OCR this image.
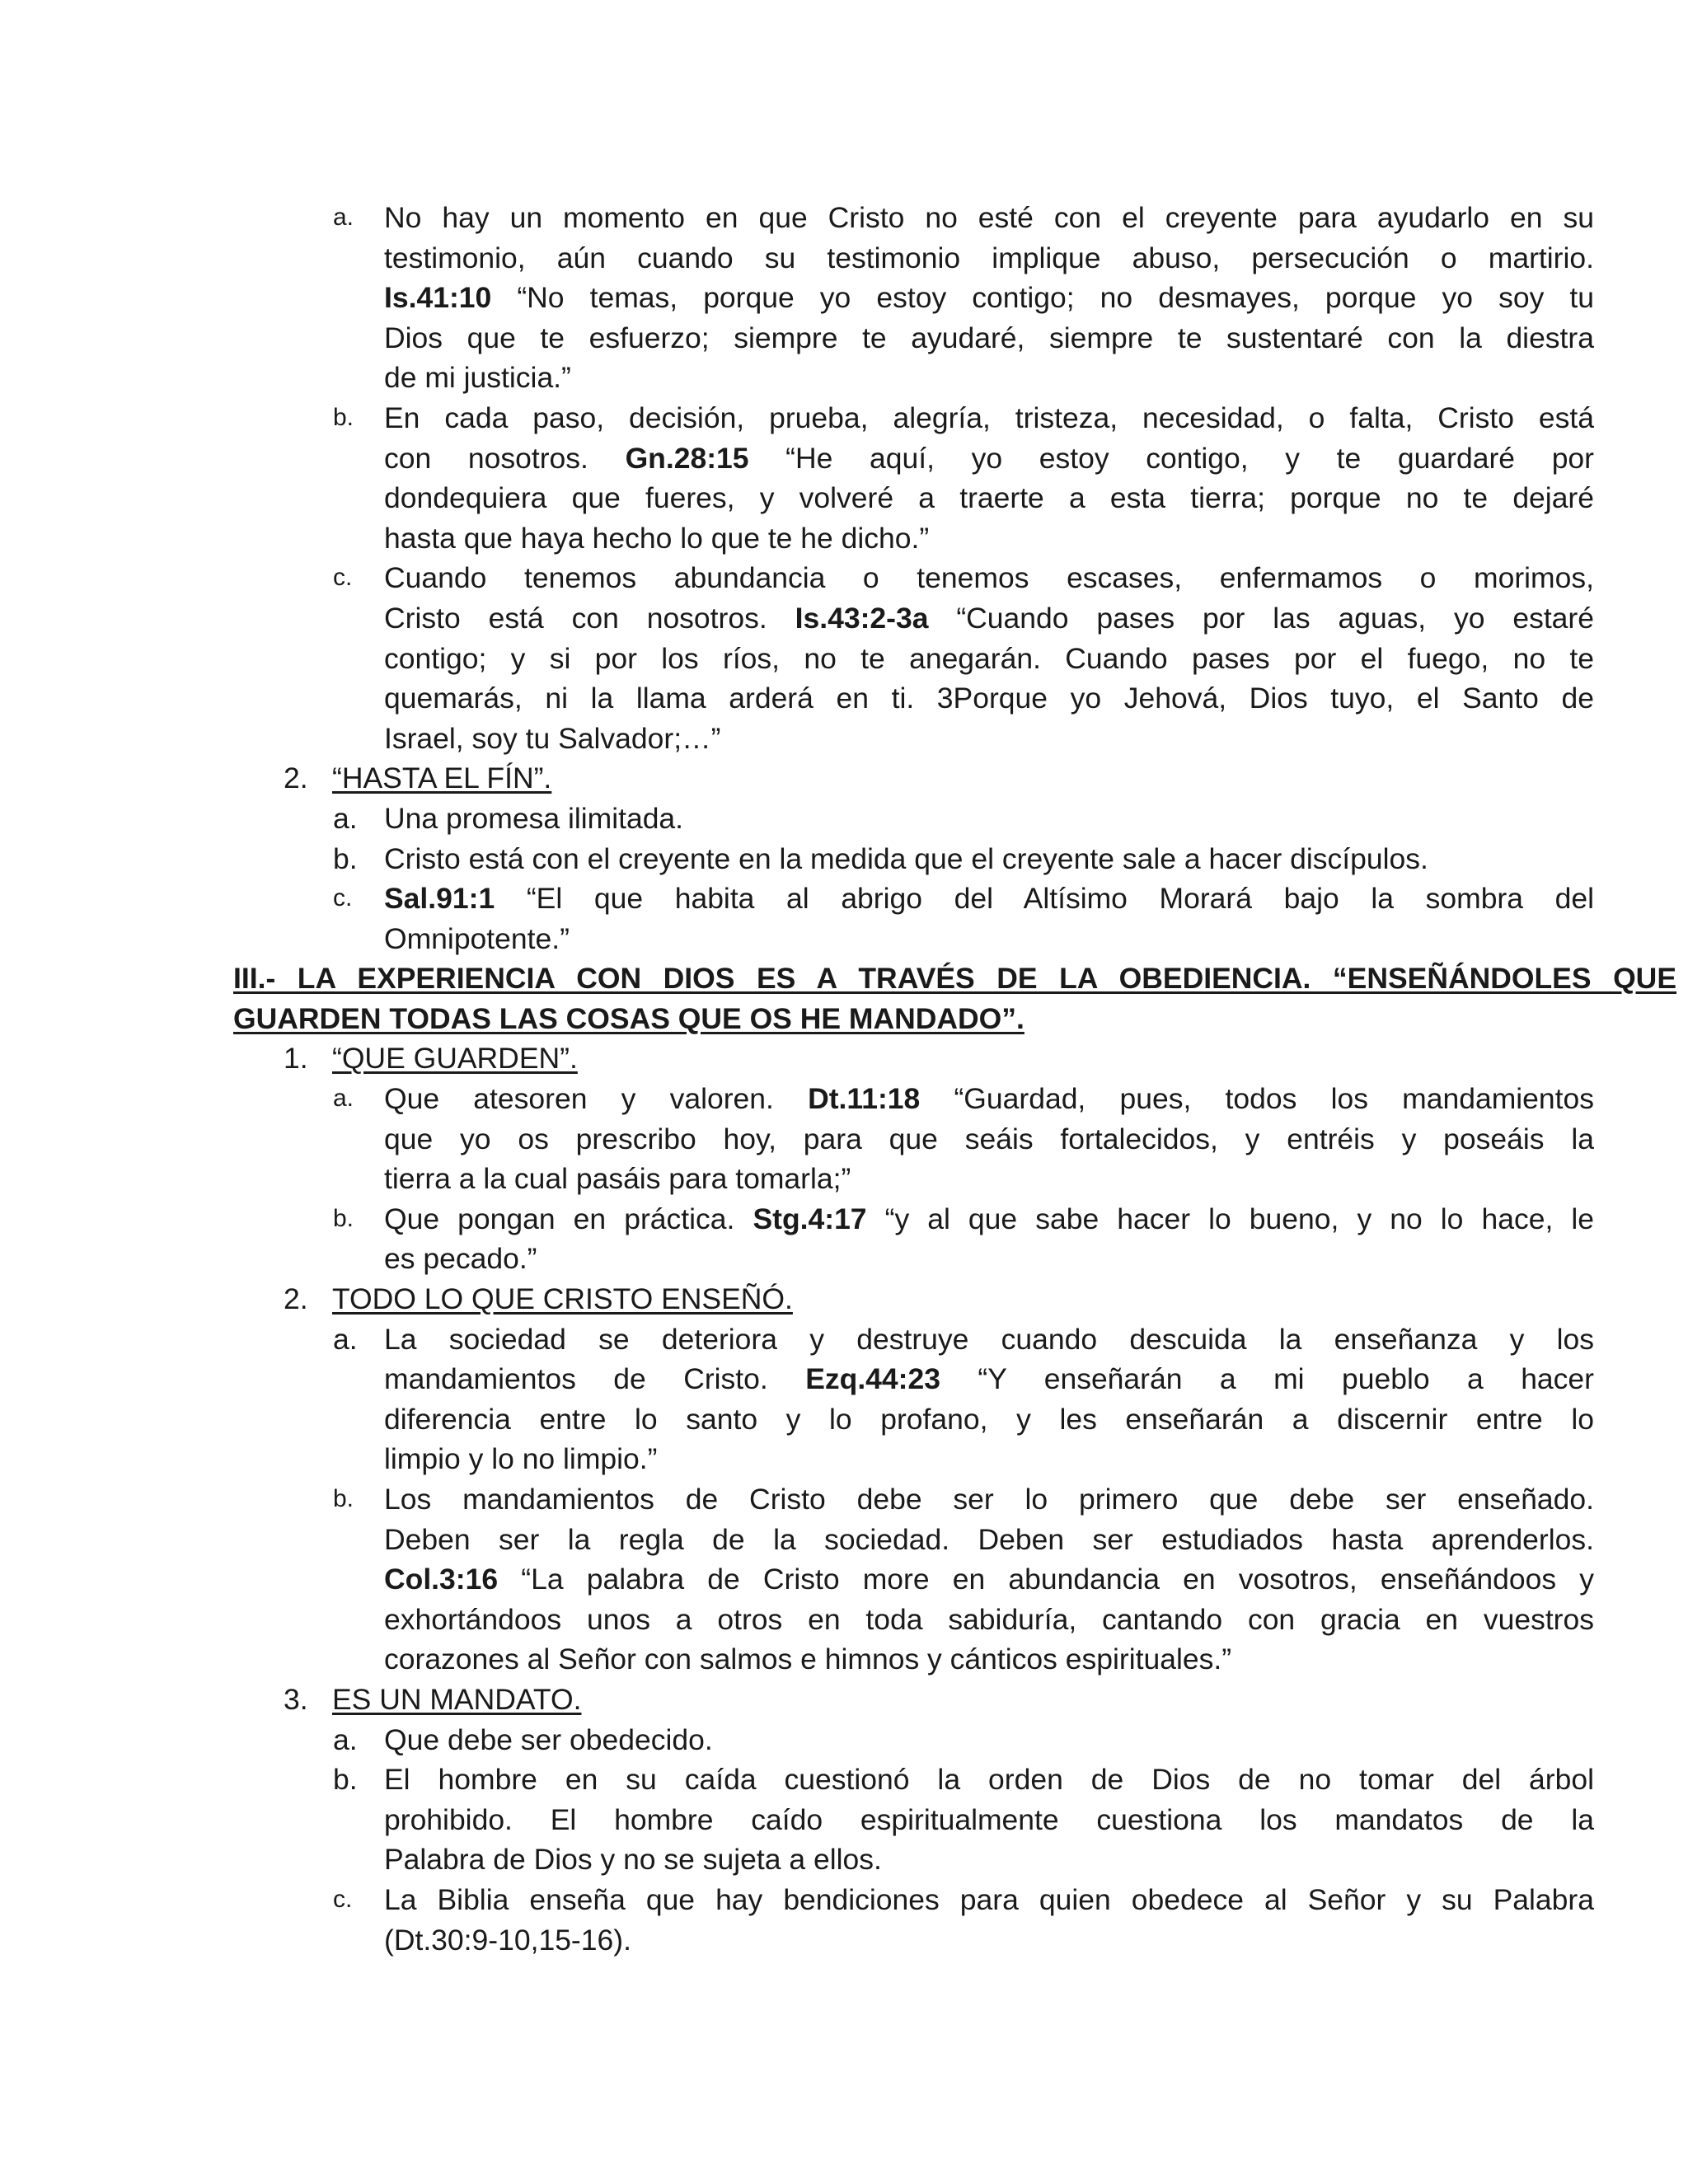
a. No hay un momento en que Cristo no esté con el creyente para ayudarlo en su
testimonio, aún cuando su testimonio implique abuso, persecución o martirio.
Is.41:10 “No temas, porque yo estoy contigo; no desmayes, porque yo soy tu
Dios que te esfuerzo; siempre te ayudaré, siempre te sustentaré con la diestra
de mi justicia.”
b. En cada paso, decisión, prueba, alegría, tristeza, necesidad, o falta, Cristo está
con nosotros. Gn.28:15 “He aquí, yo estoy contigo, y te guardaré por
dondequiera que fueres, y volveré a traerte a esta tierra; porque no te dejaré
hasta que haya hecho lo que te he dicho.”
c. Cuando tenemos abundancia o tenemos escases, enfermamos o morimos,
Cristo está con nosotros. Is.43:2-3a “Cuando pases por las aguas, yo estaré
contigo; y si por los ríos, no te anegarán. Cuando pases por el fuego, no te
quemarás, ni la llama arderá en ti. 3Porque yo Jehová, Dios tuyo, el Santo de
Israel, soy tu Salvador;…”
2. “HASTA EL FÍN”.
a. Una promesa ilimitada.
b. Cristo está con el creyente en la medida que el creyente sale a hacer discípulos.
c. Sal.91:1 “El que habita al abrigo del Altísimo Morará bajo la sombra del
Omnipotente.”
III.- LA EXPERIENCIA CON DIOS ES A TRAVÉS DE LA OBEDIENCIA. “ENSEÑÁNDOLES QUE
GUARDEN TODAS LAS COSAS QUE OS HE MANDADO”.
1. “QUE GUARDEN”.
a. Que atesoren y valoren. Dt.11:18 “Guardad, pues, todos los mandamientos
que yo os prescribo hoy, para que seáis fortalecidos, y entréis y poseáis la
tierra a la cual pasáis para tomarla;”
b. Que pongan en práctica. Stg.4:17 “y al que sabe hacer lo bueno, y no lo hace, le
es pecado.”
2. TODO LO QUE CRISTO ENSEÑÓ.
a. La sociedad se deteriora y destruye cuando descuida la enseñanza y los
mandamientos de Cristo. Ezq.44:23 “Y enseñarán a mi pueblo a hacer
diferencia entre lo santo y lo profano, y les enseñarán a discernir entre lo
limpio y lo no limpio.”
b. Los mandamientos de Cristo debe ser lo primero que debe ser enseñado.
Deben ser la regla de la sociedad. Deben ser estudiados hasta aprenderlos.
Col.3:16 “La palabra de Cristo more en abundancia en vosotros, enseñándoos y
exhortándoos unos a otros en toda sabiduría, cantando con gracia en vuestros
corazones al Señor con salmos e himnos y cánticos espirituales.”
3. ES UN MANDATO.
a. Que debe ser obedecido.
b. El hombre en su caída cuestionó la orden de Dios de no tomar del árbol
prohibido. El hombre caído espiritualmente cuestiona los mandatos de la
Palabra de Dios y no se sujeta a ellos.
c. La Biblia enseña que hay bendiciones para quien obedece al Señor y su Palabra
(Dt.30:9-10,15-16).
